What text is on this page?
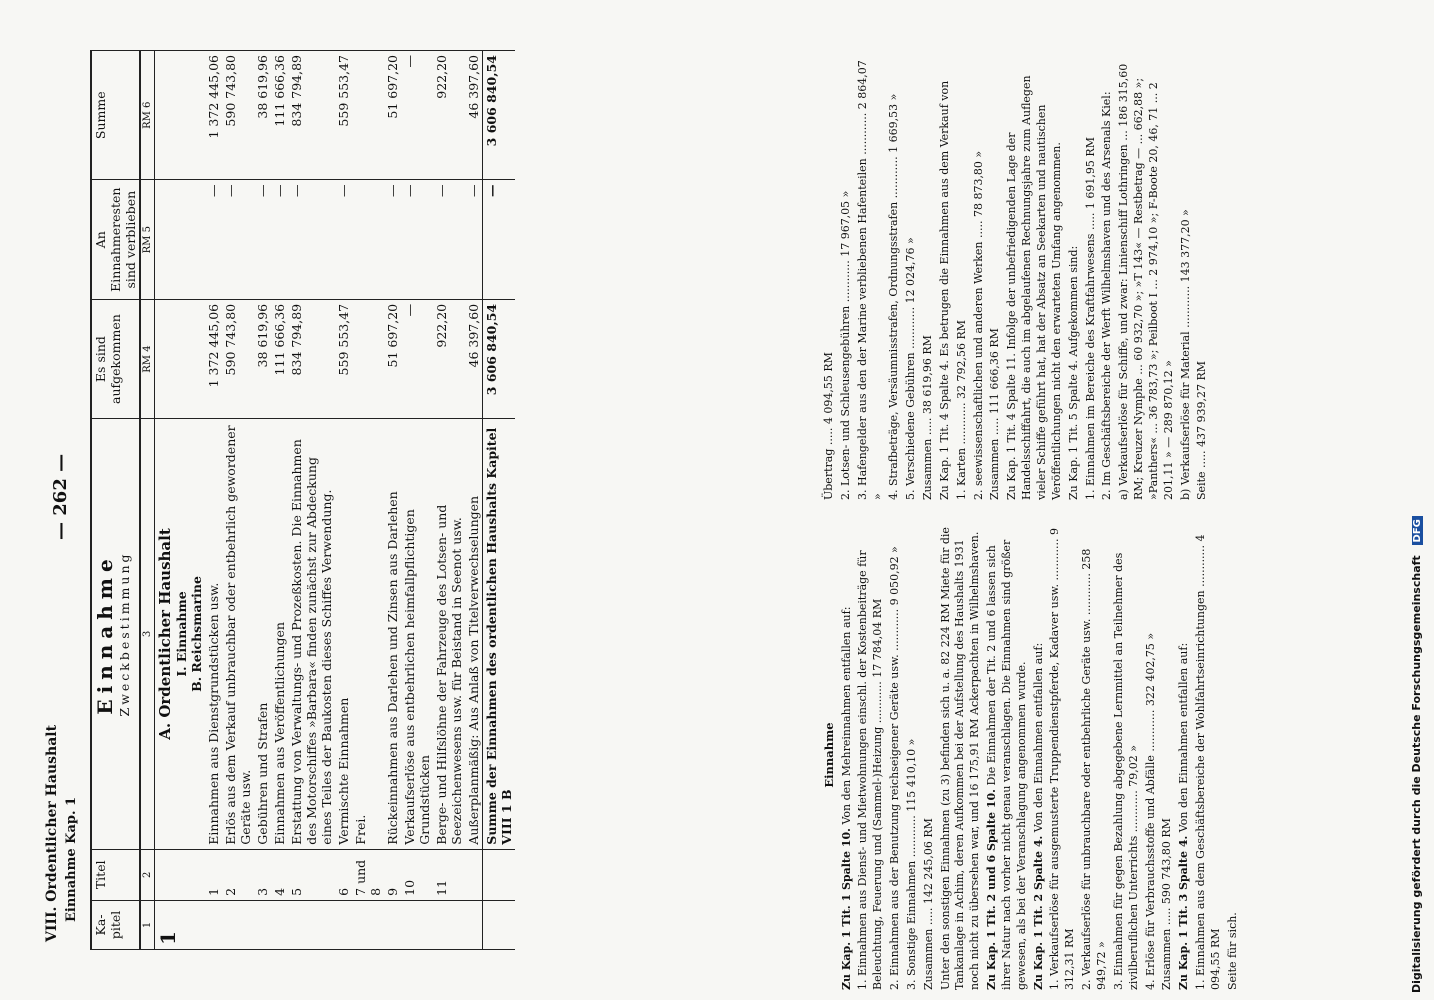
VIII. Ordentlicher Haushalt Einnahme Kap. 1
— 262 —
Ka-pitel	Titel	Einnahme Zweckbestimmung	Es sind aufgekommen	An Einnahmeresten sind verblieben	Summe
1	2	3	RM 4	RM 5	RM 6
1		A. Ordentlicher Haushalt I. Einnahme B. Reichsmarine			

	1	Einnahmen aus Dienstgrundstücken usw.	1 372 445,06	—	1 372 445,06
	2	Erlös aus dem Verkauf unbrauchbar oder entbehrlich gewordener Geräte usw.	590 743,80	—	590 743,80
	3	Gebühren und Strafen	38 619,96	—	38 619,96
	4	Einnahmen aus Veröffentlichungen	111 666,36	—	111 666,36
	5	Erstattung von Verwaltungs- und Prozeßkosten. Die Einnahmen des Motorschiffes »Barbara« finden zunächst zur Abdeckung eines Teiles der Baukosten dieses Schiffes Verwendung.	834 794,89	—	834 794,89
	6	Vermischte Einnahmen	559 553,47	—	559 553,47
	7 und 8	Frei.			
	9	Rückeinnahmen aus Darlehen und Zinsen aus Darlehen	51 697,20	—	51 697,20
	10	Verkaufserlöse aus entbehrlichen heimfallpflichtigen Grundstücken	—	—	—
	11	Berge- und Hilfslöhne der Fahrzeuge des Lotsen- und Seezeichenwesens usw. für Beistand in Seenot usw.	922,20	—	922,20
		Außerplanmäßig: Aus Anlaß von Titelverwechselungen	46 397,60	—	46 397,60
		Summe der Einnahmen des ordentlichen Haushalts Kapitel VIII 1 B	3 606 840,54	—	3 606 840,54

Übertrag ..... 4 094,55 RM 2. Lotsen- und Schleusengebühren ............ 17 967,05 » 3. Hafengelder aus den der Marine verbliebenen Hafenteilen ............ 2 864,07 » 4. Strafbeträge, Versäumnisstrafen, Ordnungsstrafen ............ 1 669,53 » 5. Verschiedene Gebühren ............ 12 024,76 » Zusammen ..... 38 619,96 RM Zu Kap. 1 Tit. 4 Spalte 4. Es betrugen die Einnahmen aus dem Verkauf von 1. Karten ............ 32 792,56 RM 2. seewissenschaftlichen und anderen Werken ..... 78 873,80 » Zusammen ..... 111 666,36 RM Zu Kap. 1 Tit. 4 Spalte 11. Infolge der unbefriedigenden Lage der Handelsschiffahrt, die auch im abgelaufenen Rechnungsjahre zum Auflegen vieler Schiffe geführt hat, hat der Absatz an Seekarten und nautischen Veröffentlichungen nicht den erwarteten Umfang angenommen. Zu Kap. 1 Tit. 5 Spalte 4. Aufgekommen sind: 1. Einnahmen im Bereiche des Kraftfahrwesens ..... 1 691,95 RM 2. Im Geschäftsbereiche der Werft Wilhelmshaven und des Arsenals Kiel: a) Verkaufserlöse für Schiffe, und zwar: Linienschiff Lothringen ... 186 315,60 RM; Kreuzer Nymphe ... 60 932,70 »; »T 143« — Restbetrag — ... 662,88 »; »Panthers« ... 36 783,73 »; Peilboot I ... 2 974,10 »; F-Boote 20, 46, 71 ... 2 201,11 » — 289 870,12 » b) Verkaufserlöse für Material ............ 143 377,20 » Seite ..... 437 939,27 RM

Einnahme

Zu Kap. 1 Tit. 1 Spalte 10. Von den Mehreinnahmen entfallen auf: 1. Einnahmen aus Dienst- und Mietwohnungen einschl. der Kostenbeiträge für Beleuchtung, Feuerung und (Sammel-)Heizung ............ 17 784,04 RM 2. Einnahmen aus der Benutzung reichseigener Geräte usw. ............ 9 050,92 » 3. Sonstige Einnahmen ............ 115 410,10 » Zusammen ..... 142 245,06 RM Unter den sonstigen Einnahmen (zu 3) befinden sich u. a. 82 224 RM Miete für die Tankanlage in Achim, deren Aufkommen bei der Aufstellung des Haushalts 1931 noch nicht zu übersehen war, und 16 175,91 RM Ackerpachten in Wilhelmshaven. Zu Kap. 1 Tit. 2 und 6 Spalte 10. Die Einnahmen der Tit. 2 und 6 lassen sich ihrer Natur nach vorher nicht genau veranschlagen. Die Einnahmen sind größer gewesen, als bei der Veranschlagung angenommen wurde. Zu Kap. 1 Tit. 2 Spalte 4. Von den Einnahmen entfallen auf: 1. Verkaufserlöse für ausgemusterte Truppendienstpferde, Kadaver usw. ............ 9 312,31 RM 2. Verkaufserlöse für unbrauchbare oder entbehrliche Geräte usw. ............ 258 949,72 » 3. Einnahmen für gegen Bezahlung abgegebene Lernmittel an Teilnehmer des zivilberuflichen Unterrichts ............ 79,02 » 4. Erlöse für Verbrauchsstoffe und Abfälle ............ 322 402,75 » Zusammen ..... 590 743,80 RM Zu Kap. 1 Tit. 3 Spalte 4. Von den Einnahmen entfallen auf: 1. Einnahmen aus dem Geschäftsbereiche der Wohlfahrtseinrichtungen ............ 4 094,55 RM Seite für sich.	Digitalisierung gefördert durch die Deutsche Forschungsgemeinschaft DFG
